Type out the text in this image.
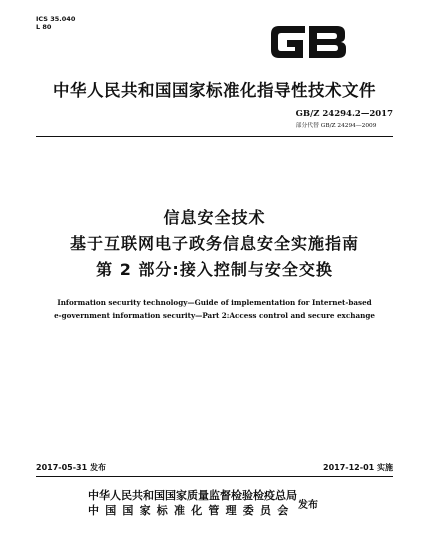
ICS 35.040
L 80
中华人民共和国国家标准化指导性技术文件
GB/Z 24294.2—2017
部分代替 GB/Z 24294—2009
信息安全技术
基于互联网电子政务信息安全实施指南
第 2 部分:接入控制与安全交换
Information security technology—Guide of implementation for Internet-based
e-government information security—Part 2:Access control and secure exchange
2017-05-31 发布	2017-12-01 实施
中华人民共和国国家质量监督检验检疫总局
中国国家标准化管理委员会 发布
